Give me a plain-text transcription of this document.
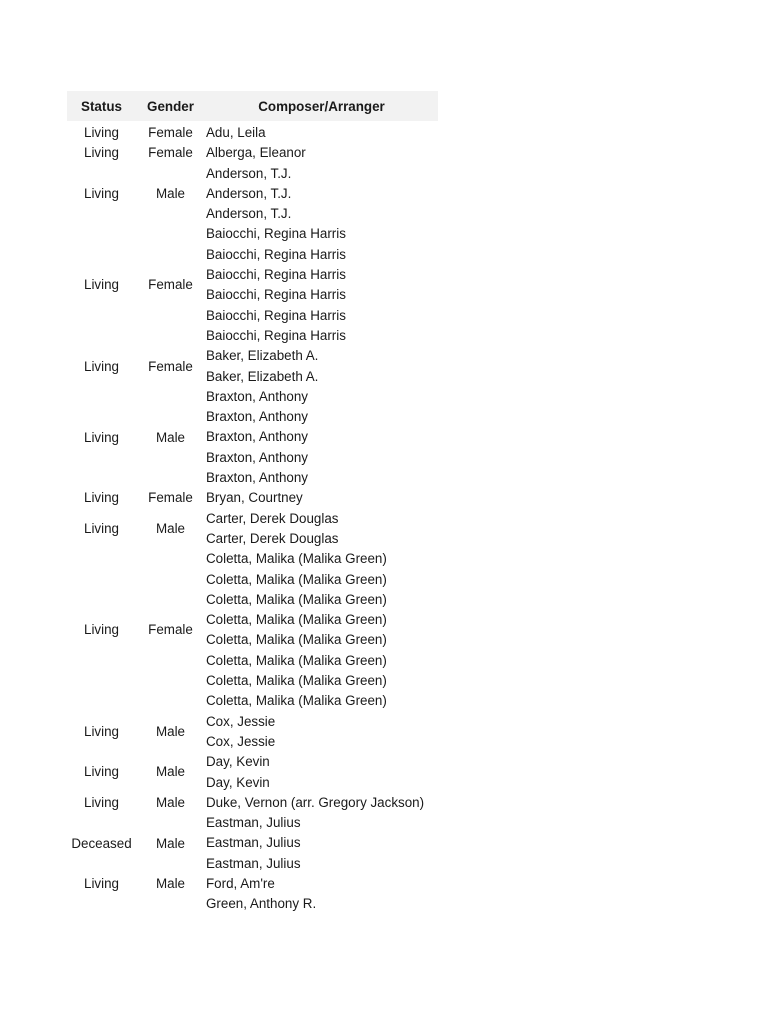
Status	Gender	Composer/Arranger

Living	Female	Adu, Leila
Living	Female	Alberga, Eleanor
Living	Male	Anderson, T.J.
		Anderson, T.J.
		Anderson, T.J.
Living	Female	Baiocchi, Regina Harris
		Baiocchi, Regina Harris
		Baiocchi, Regina Harris
		Baiocchi, Regina Harris
		Baiocchi, Regina Harris
		Baiocchi, Regina Harris
Living	Female	Baker, Elizabeth A.
		Baker, Elizabeth A.
Living	Male	Braxton, Anthony
		Braxton, Anthony
		Braxton, Anthony
		Braxton, Anthony
		Braxton, Anthony
Living	Female	Bryan, Courtney
Living	Male	Carter, Derek Douglas
		Carter, Derek Douglas
Living	Female	Coletta, Malika (Malika Green)
		Coletta, Malika (Malika Green)
		Coletta, Malika (Malika Green)
		Coletta, Malika (Malika Green)
		Coletta, Malika (Malika Green)
		Coletta, Malika (Malika Green)
		Coletta, Malika (Malika Green)
		Coletta, Malika (Malika Green)
Living	Male	Cox, Jessie
		Cox, Jessie
Living	Male	Day, Kevin
		Day, Kevin
Living	Male	Duke, Vernon (arr. Gregory Jackson)
Deceased	Male	Eastman, Julius
		Eastman, Julius
		Eastman, Julius
Living	Male	Ford, Am're
		Green, Anthony R.
